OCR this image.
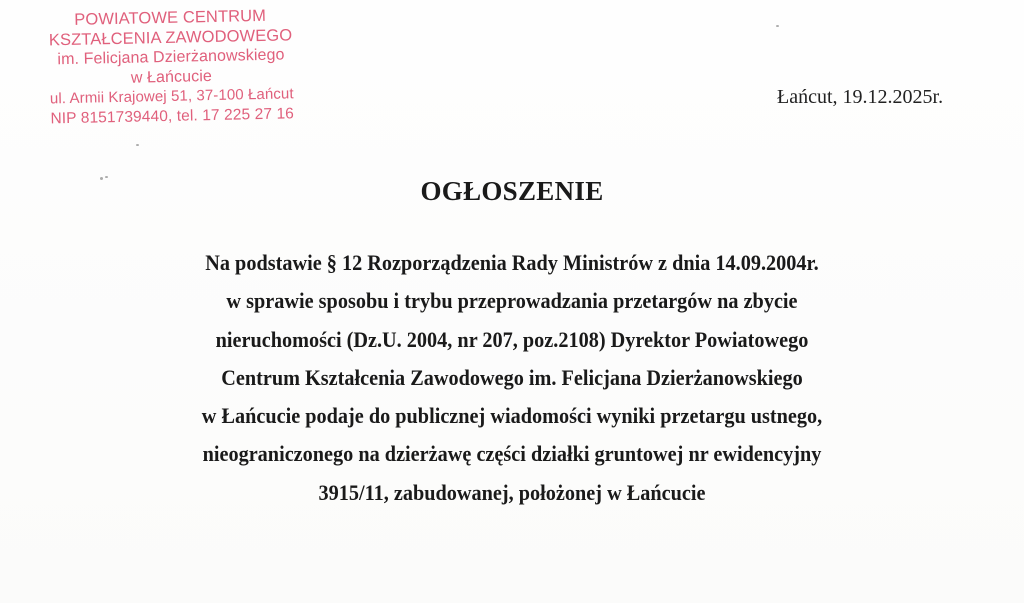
POWIATOWE CENTRUM
KSZTAŁCENIA ZAWODOWEGO
im. Felicjana Dzierżanowskiego
w Łańcucie
ul. Armii Krajowej 51, 37-100 Łańcut
NIP 8151739440, tel. 17 225 27 16
Łańcut, 19.12.2025r.
OGŁOSZENIE
Na podstawie § 12 Rozporządzenia Rady Ministrów z dnia 14.09.2004r.
w sprawie sposobu i trybu przeprowadzania przetargów na zbycie
nieruchomości (Dz.U. 2004, nr 207, poz.2108) Dyrektor Powiatowego
Centrum Kształcenia Zawodowego im. Felicjana Dzierżanowskiego
w Łańcucie podaje do publicznej wiadomości wyniki przetargu ustnego,
nieograniczonego na dzierżawę części działki gruntowej nr ewidencyjny
3915/11, zabudowanej, położonej w Łańcucie
